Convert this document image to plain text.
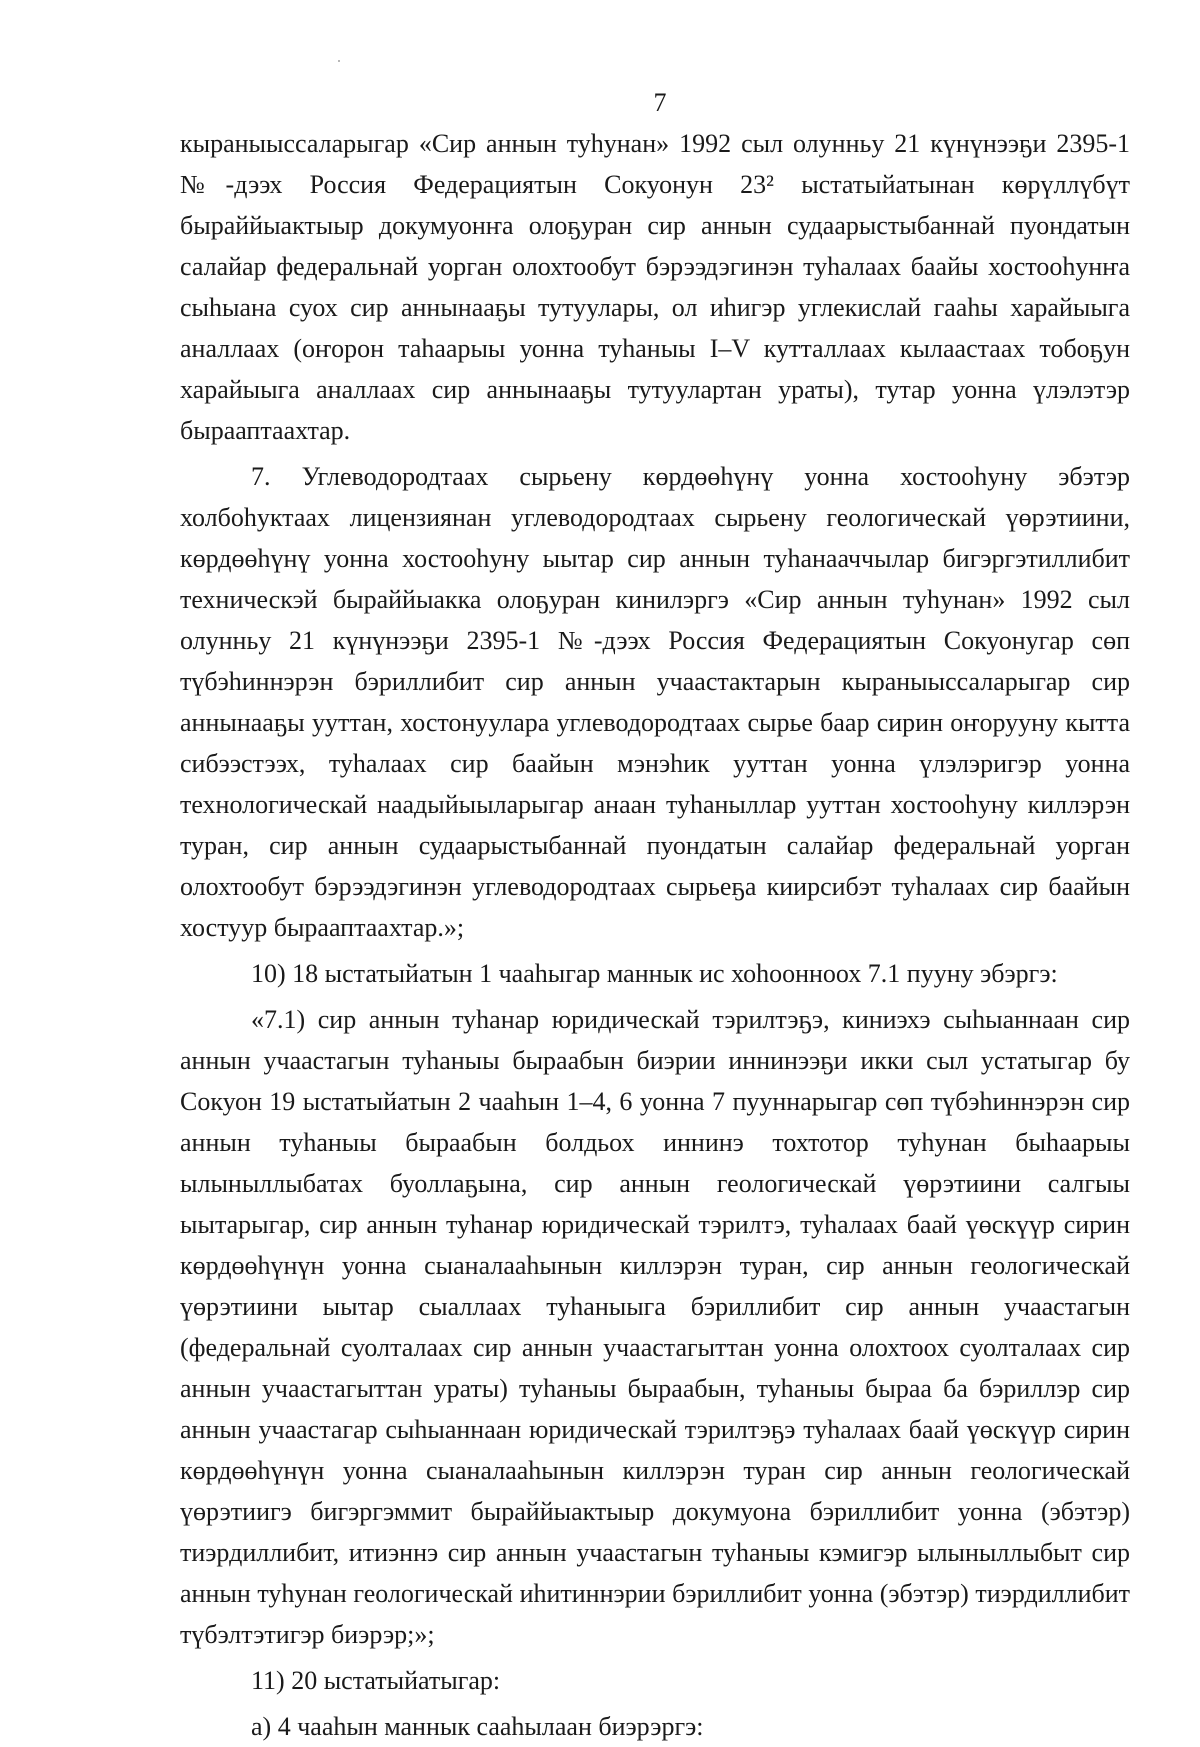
7

кыраныыссаларыгар «Сир аннын туһунан» 1992 сыл олунньу 21 күнүнээҕи 2395-1 №-дээх Россия Федерациятын Сокуонун 23² ыстатыйатынан көрүллүбүт быраййыактыыр докумуонҥа олоҕуран сир аннын судаарыстыбаннай пуондатын салайар федеральнай уорган олохтообут бэрээдэгинэн туһалаах баайы хостооһунҥа сыһыана суох сир аннынааҕы тутуулары, ол иһигэр углекислай гааһы харайыыга аналлаах (оҥорон таһаарыы уонна туһаныы I–V кутталлаах кылаастаах тобоҕун харайыыга аналлаах сир аннынааҕы тутуулартан ураты), тутар уонна үлэлэтэр быраап​таахтар.

7. Углеводородтаах сырьену көрдөөһүнү уонна хостооһуну эбэтэр холбоһуктаах лицензиянан углеводородтаах сырьену геологическай үөрэтиини, көрдөөһүнү уонна хостооһуну ыытар сир аннын туһанааччылар бигэргэтиллибит техническэй быраййыакка олоҕуран кинилэргэ «Сир аннын туһунан» 1992 сыл олунньу 21 күнүнээҕи 2395-1 №-дээх Россия Федерациятын Сокуонугар сөп түбэһиннэрэн бэриллибит сир аннын учаастактарын кыраныыссаларыгар сир аннынааҕы ууттан, хостонуулара углеводородтаах сырье баар сирин оҥорууну кытта сибээстээх, туһалаах сир баайын мэнэһик ууттан уонна үлэлэригэр уонна технологическай наадыйыыларыгар анаан туһаныллар ууттан хостооһуну киллэрэн туран, сир аннын судаарыстыбаннай пуондатын салайар федеральнай уорган олохтообут бэрээдэгинэн углеводородтаах сырьеҕа киирсибэт туһалаах сир баайын хостуур быраап​таахтар.»;

10) 18 ыстатыйатын 1 чааһыгар маннык ис хоһоонноох 7.1 пууну эбэргэ:

«7.1) сир аннын туһанар юридическай тэрилтэҕэ, киниэхэ сыһыаннаан сир аннын учаастагын туһаныы быраабын биэрии иннинээҕи икки сыл устатыгар бу Сокуон 19 ыстатыйатын 2 чааһын 1–4, 6 уонна 7 пууннарыгар сөп түбэһиннэрэн сир аннын туһаныы быраабын болдьох иннинэ тохтотор туһунан быһаарыы ылыныллыбатах буоллаҕына, сир аннын геологическай үөрэтиини салгыы ыытарыгар, сир аннын туһанар юридическай тэрилтэ, туһалаах баай үөскүүр сирин көрдөөһүнүн уонна сыаналааһынын киллэрэн туран, сир аннын геологическай үөрэтиини ыытар сыаллаах туһаныыга бэриллибит сир аннын учаастагын (федеральнай суолталаах сир аннын учаастагыттан уонна олохтоох суолталаах сир аннын учаастагыттан ураты) туһаныы быраабын, туһаныы быраа ба бэриллэр сир аннын учаастагар сыһыаннаан юридическай тэрилтэҕэ туһалаах баай үөскүүр сирин көрдөөһүнүн уонна сыаналааһынын киллэрэн туран сир аннын геологическай үөрэтиигэ бигэргэммит быраййыактыыр докумуона бэриллибит уонна (эбэтэр) тиэрдиллибит, итиэннэ сир аннын учаастагын туһаныы кэмигэр ылыныллыбыт сир аннын туһунан геологическай иһитиннэрии бэриллибит уонна (эбэтэр) тиэрдиллибит түбэлтэтигэр биэрэр;»;

11) 20 ыстатыйатыгар:

а) 4 чааһын маннык сааһылаан биэрэргэ:
